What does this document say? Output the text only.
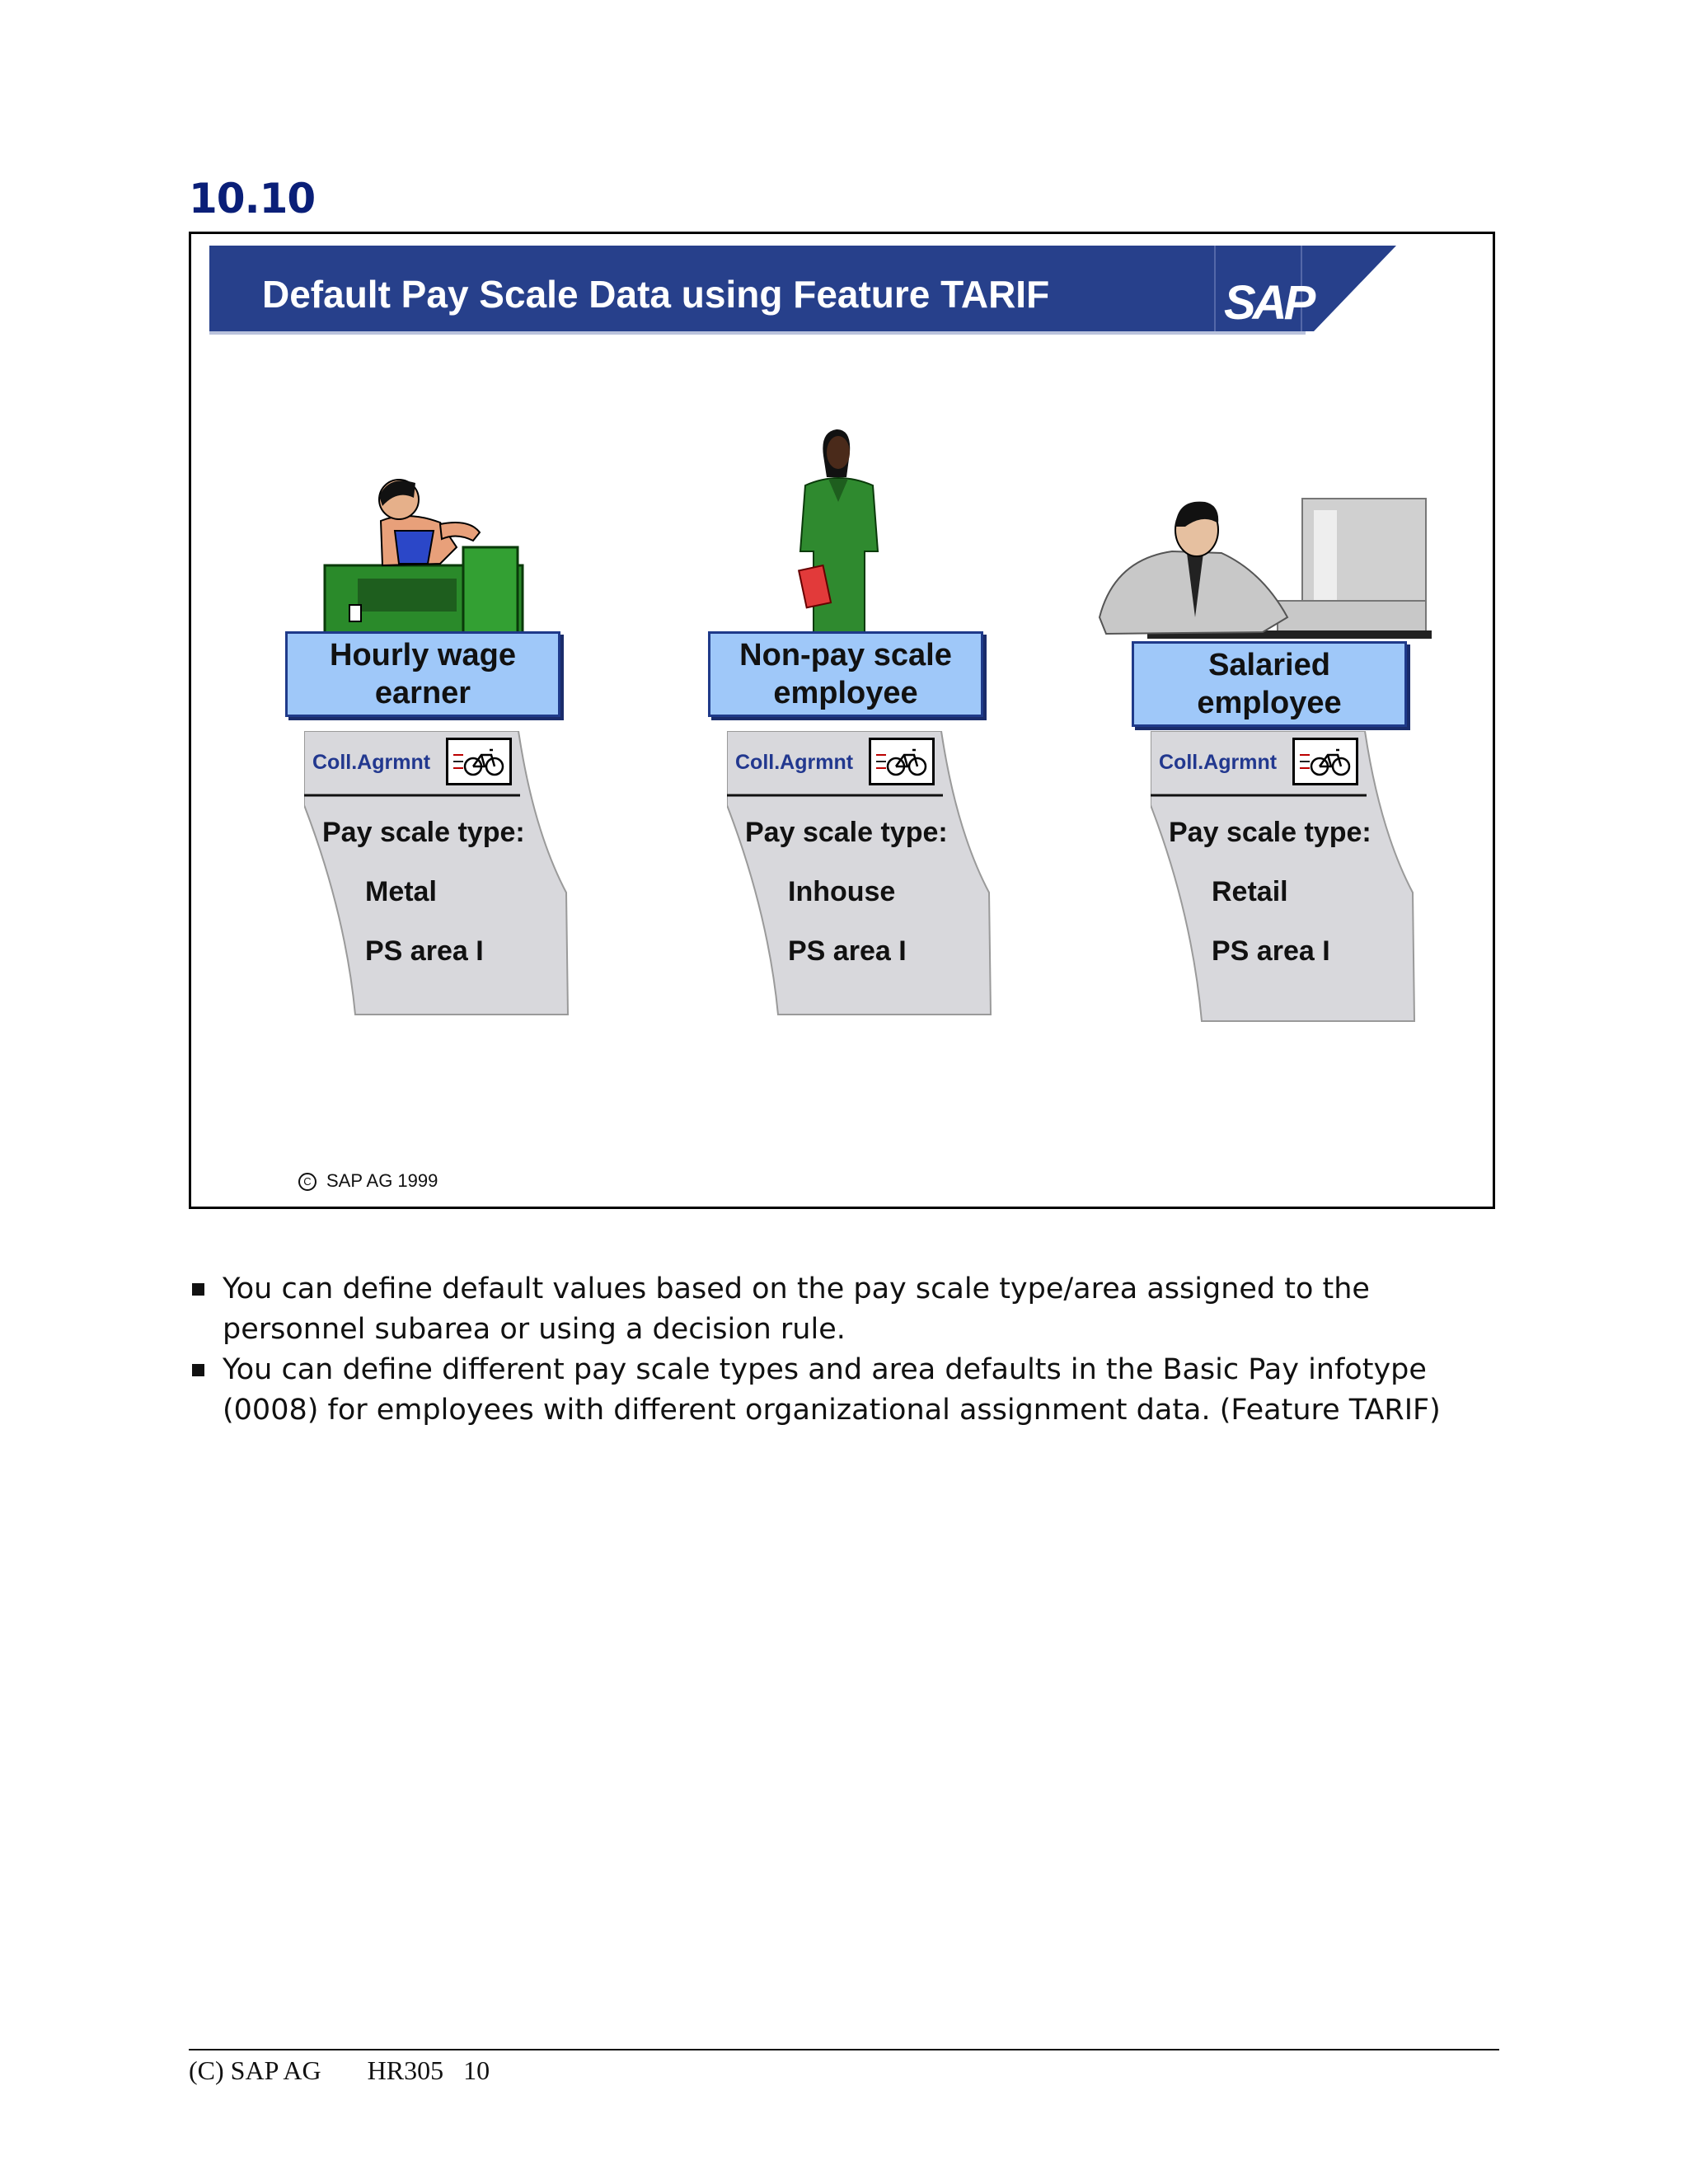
10.10
Default Pay Scale Data using Feature TARIF	SAP
Hourly wage earner
Coll.Agrmnt
Pay scale type:
Metal
PS area I
Non-pay scale employee
Coll.Agrmnt
Pay scale type:
Inhouse
PS area I
Salaried employee
Coll.Agrmnt
Pay scale type:
Retail
PS area I
C SAP AG 1999
You can define default values based on the pay scale type/area assigned to the personnel subarea or using a decision rule.
You can define different pay scale types and area defaults in the Basic Pay infotype (0008) for employees with different organizational assignment data. (Feature TARIF)
(C) SAP AG HR305 10
